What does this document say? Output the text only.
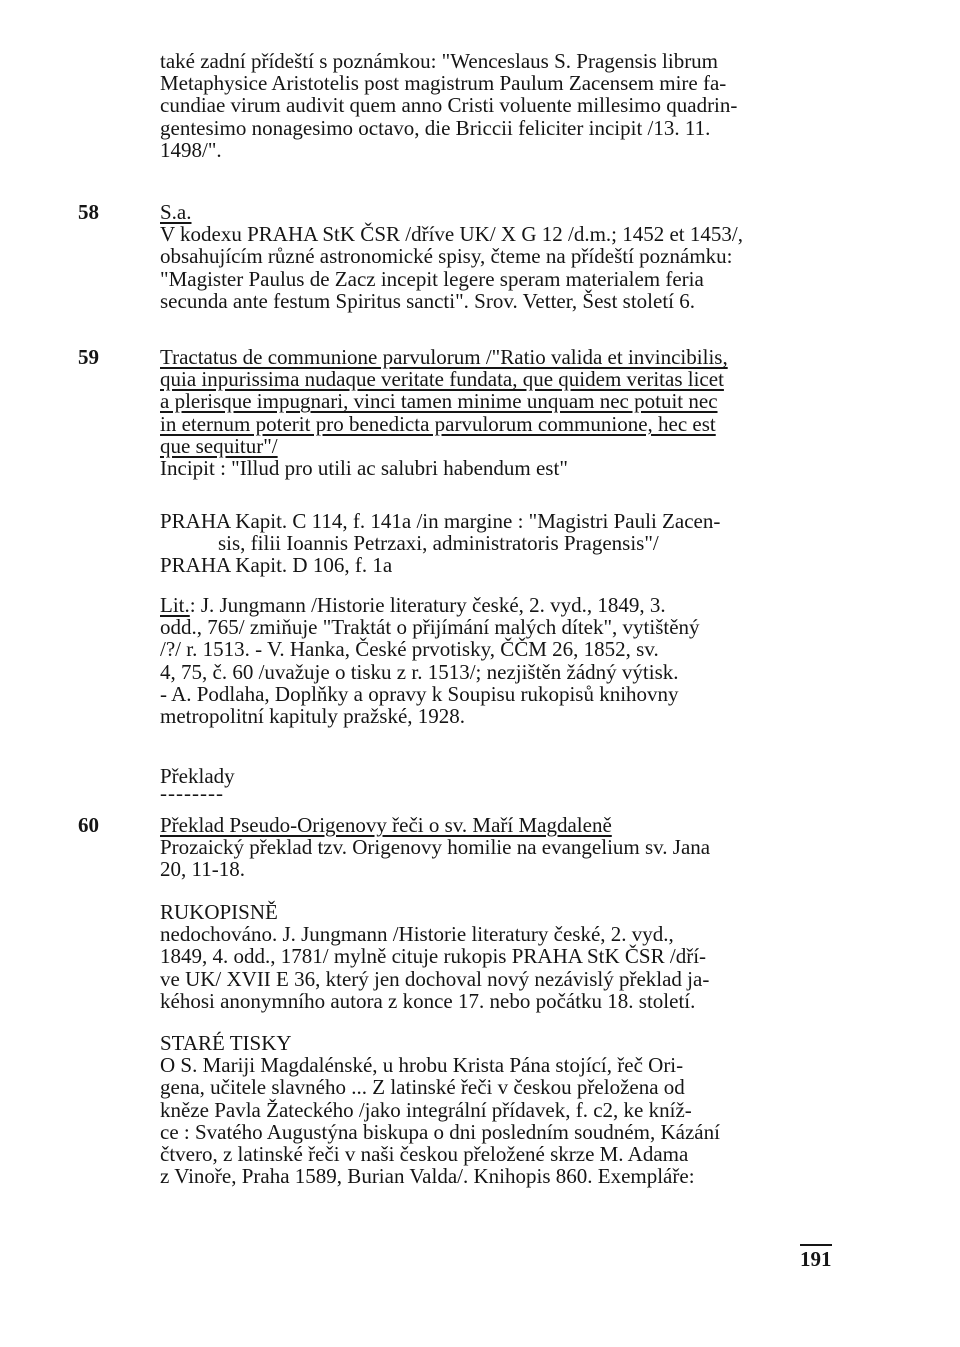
také zadní přídeští s poznámkou: "Wenceslaus S. Pragensis librum
Metaphysice Aristotelis post magistrum Paulum Zacensem mire fa-
cundiae virum audivit quem anno Cristi voluente millesimo quadrin-
gentesimo nonagesimo octavo, die Briccii feliciter incipit /13. 11.
1498/".
58	S.a.
V kodexu PRAHA StK ČSR /dříve UK/ X G 12 /d.m.; 1452 et 1453/,
obsahujícím různé astronomické spisy, čteme na přídeští poznámku:
"Magister Paulus de Zacz incepit legere speram materialem feria
secunda ante festum Spiritus sancti". Srov. Vetter, Šest století 6.
59	Tractatus de communione parvulorum /"Ratio valida et invincibilis,
quia inpurissima nudaque veritate fundata, que quidem veritas licet
a plerisque impugnari, vinci tamen minime unquam nec potuit nec
in eternum poterit pro benedicta parvulorum communione, hec est
que sequitur"/
Incipit : "Illud pro utili ac salubri habendum est"
PRAHA Kapit. C 114, f. 141a /in margine : "Magistri Pauli Zacen-
sis, filii Ioannis Petrzaxi, administratoris Pragensis"/
PRAHA Kapit. D 106, f. 1a
Lit.: J. Jungmann /Historie literatury české, 2. vyd., 1849, 3.
odd., 765/ zmiňuje "Traktát o přijímání malých dítek", vytištěný
/?/ r. 1513. - V. Hanka, České prvotisky, ČČM 26, 1852, sv.
4, 75, č. 60 /uvažuje o tisku z r. 1513/; nezjištěn žádný výtisk.
- A. Podlaha, Doplňky a opravy k Soupisu rukopisů knihovny
metropolitní kapituly pražské, 1928.
Překlady
--------
60	Překlad Pseudo-Origenovy řeči o sv. Maří Magdaleně
Prozaický překlad tzv. Origenovy homilie na evangelium sv. Jana
20, 11-18.
RUKOPISNĚ
nedochováno. J. Jungmann /Historie literatury české, 2. vyd.,
1849, 4. odd., 1781/ mylně cituje rukopis PRAHA StK ČSR /dří-
ve UK/ XVII E 36, který jen dochoval nový nezávislý překlad ja-
kéhosi anonymního autora z konce 17. nebo počátku 18. století.
STARÉ TISKY
O S. Mariji Magdalénské, u hrobu Krista Pána stojící, řeč Ori-
gena, učitele slavného ... Z latinské řeči v českou přeložena od
kněze Pavla Žateckého /jako integrální přídavek, f. c2, ke kníž-
ce : Svatého Augustýna biskupa o dni posledním soudném, Kázání
čtvero, z latinské řeči v naši českou přeložené skrze M. Adama
z Vinoře, Praha 1589, Burian Valda/. Knihopis 860. Exempláře:
191
